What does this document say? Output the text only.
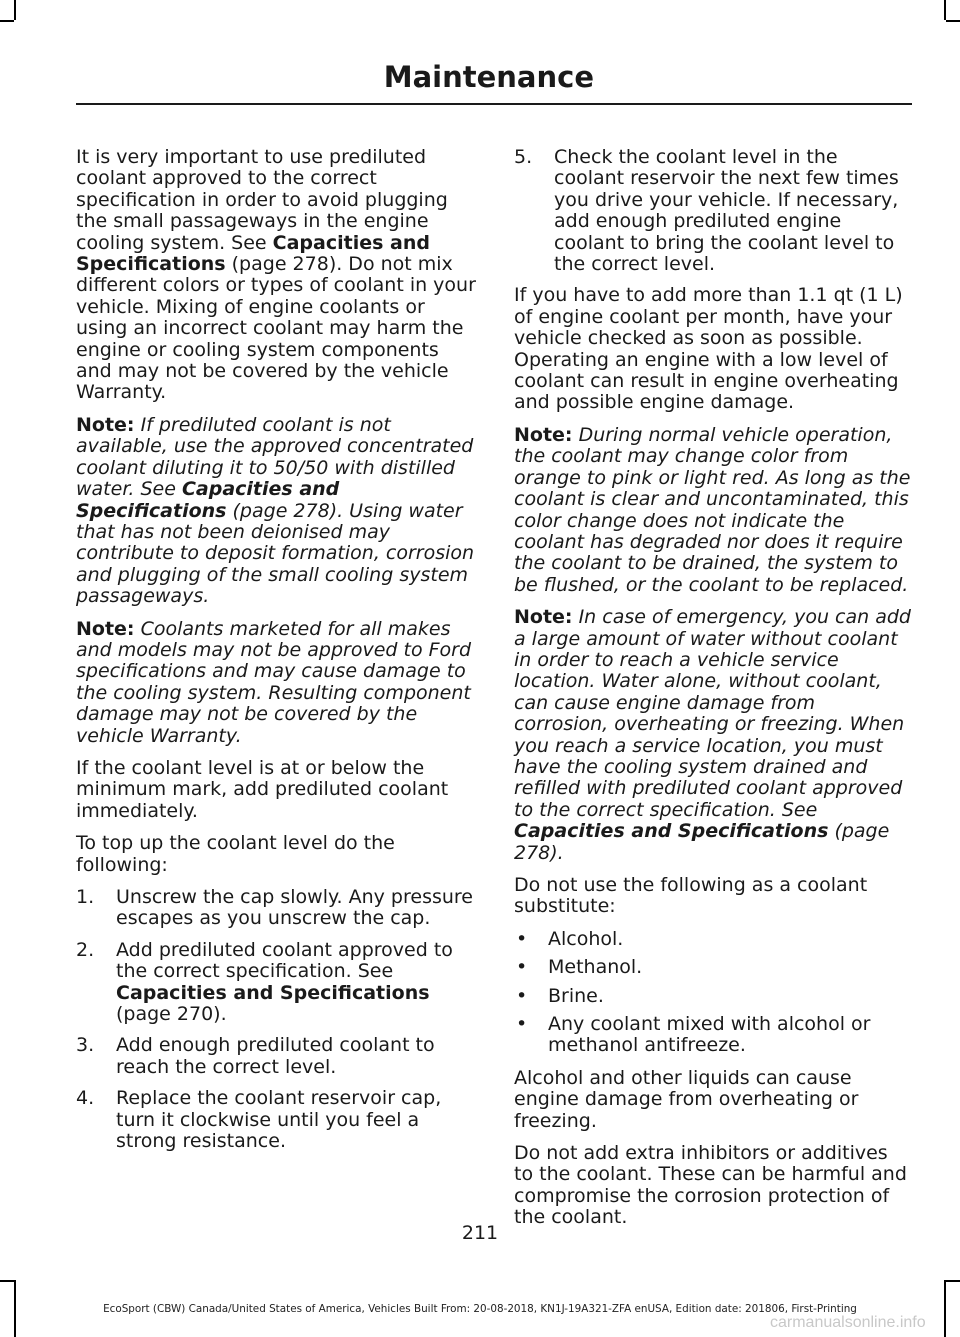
Maintenance

It is very important to use prediluted coolant approved to the correct specification in order to avoid plugging the small passageways in the engine cooling system. See Capacities and Specifications (page 278). Do not mix different colors or types of coolant in your vehicle. Mixing of engine coolants or using an incorrect coolant may harm the engine or cooling system components and may not be covered by the vehicle Warranty.

Note: If prediluted coolant is not available, use the approved concentrated coolant diluting it to 50/50 with distilled water. See Capacities and Specifications (page 278). Using water that has not been deionised may contribute to deposit formation, corrosion and plugging of the small cooling system passageways.

Note: Coolants marketed for all makes and models may not be approved to Ford specifications and may cause damage to the cooling system. Resulting component damage may not be covered by the vehicle Warranty.

If the coolant level is at or below the minimum mark, add prediluted coolant immediately.

To top up the coolant level do the following:

1. Unscrew the cap slowly. Any pressure escapes as you unscrew the cap.
2. Add prediluted coolant approved to the correct specification. See Capacities and Specifications (page 270).
3. Add enough prediluted coolant to reach the correct level.
4. Replace the coolant reservoir cap, turn it clockwise until you feel a strong resistance.
5. Check the coolant level in the coolant reservoir the next few times you drive your vehicle. If necessary, add enough prediluted engine coolant to bring the coolant level to the correct level.

If you have to add more than 1.1 qt (1 L) of engine coolant per month, have your vehicle checked as soon as possible. Operating an engine with a low level of coolant can result in engine overheating and possible engine damage.

Note: During normal vehicle operation, the coolant may change color from orange to pink or light red. As long as the coolant is clear and uncontaminated, this color change does not indicate the coolant has degraded nor does it require the coolant to be drained, the system to be flushed, or the coolant to be replaced.

Note: In case of emergency, you can add a large amount of water without coolant in order to reach a vehicle service location. Water alone, without coolant, can cause engine damage from corrosion, overheating or freezing. When you reach a service location, you must have the cooling system drained and refilled with prediluted coolant approved to the correct specification. See Capacities and Specifications (page 278).

Do not use the following as a coolant substitute:

• Alcohol.
• Methanol.
• Brine.
• Any coolant mixed with alcohol or methanol antifreeze.

Alcohol and other liquids can cause engine damage from overheating or freezing.

Do not add extra inhibitors or additives to the coolant. These can be harmful and compromise the corrosion protection of the coolant.

211
EcoSport (CBW) Canada/United States of America, Vehicles Built From: 20-08-2018, KN1J-19A321-ZFA enUSA, Edition date: 201806, First-Printing
carmanualsonline.info
